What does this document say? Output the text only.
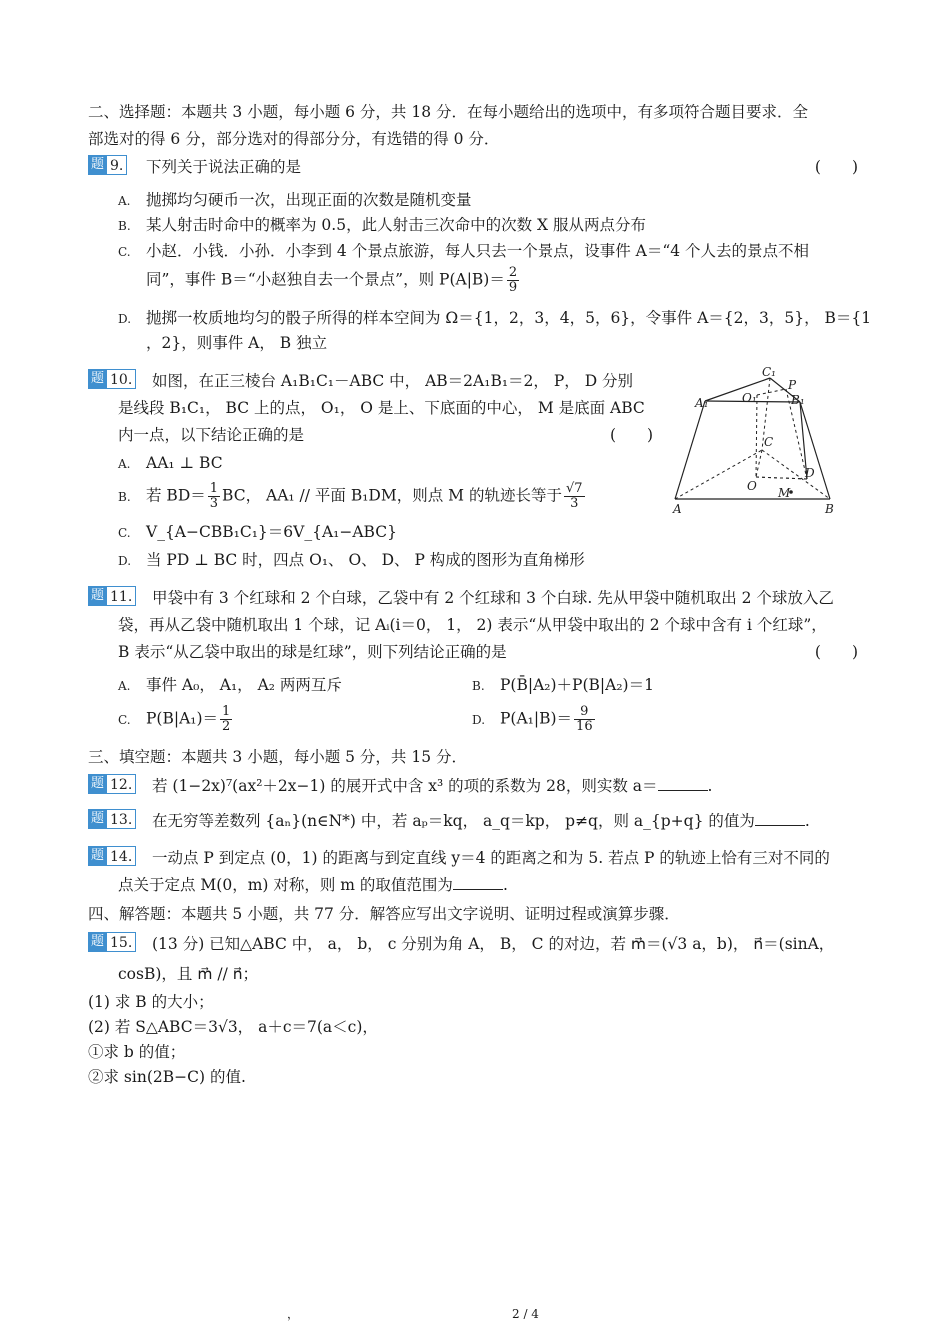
二、选择题：本题共 3 小题，每小题 6 分，共 18 分．在每小题给出的选项中，有多项符合题目要求．全
部选对的得 6 分，部分选对的得部分分，有选错的得 0 分．
题 9. 下列关于说法正确的是	(　　)
A. 抛掷均匀硬币一次，出现正面的次数是随机变量
B. 某人射击时命中的概率为 0.5，此人射击三次命中的次数 X 服从两点分布
C. 小赵．小钱．小孙．小李到 4 个景点旅游，每人只去一个景点，设事件 A＝“4 个人去的景点不相
同”，事件 B＝“小赵独自去一个景点”，则 $P(A|B)= \frac{2}{9}$
D. 抛掷一枚质地均匀的骰子所得的样本空间为 Ω＝{1，2，3，4，5，6}，令事件 A＝{2，3，5}， B＝{1
，2}，则事件 A， B 独立
题 10. 如图，在正三棱台 A₁B₁C₁－ABC 中， AB＝2A₁B₁＝2， P， D 分别
是线段 B₁C₁， BC 上的点， O₁， O 是上、下底面的中心， M 是底面 ABC
内一点，以下结论正确的是	(　　)
A. AA₁ ⊥ BC
B. 若 $BD= \frac{1}{3}$ BC， AA₁ // 平面 B₁DM，则点 M 的轨迹长等于 $\frac{√7}{3}$
C. V_{A−CBB₁C₁}＝6V_{A₁−ABC}
D. 当 PD ⊥ BC 时，四点 O₁、 O、 D、 P 构成的图形为直角梯形
C₁
P
A₁	O₁	B₁
C
D
O M
A	B
题 11. 甲袋中有 3 个红球和 2 个白球，乙袋中有 2 个红球和 3 个白球. 先从甲袋中随机取出 2 个球放入乙
袋，再从乙袋中随机取出 1 个球，记 Aᵢ(i＝0， 1， 2) 表示“从甲袋中取出的 2 个球中含有 i 个红球”，
B 表示“从乙袋中取出的球是红球”，则下列结论正确的是	(　　)
A. 事件 A₀， A₁， A₂ 两两互斥	B. P(B̄|A₂)＋P(B|A₂)＝1
C. $P(B|A_1)= \frac{1}{2}$	D. $P(A_1|B)= \frac{9}{16}$
三、填空题：本题共 3 小题，每小题 5 分，共 15 分．
题 12. 若 (1−2x)⁷(ax²＋2x−1) 的展开式中含 x³ 的项的系数为 28，则实数 a＝	.
题 13. 在无穷等差数列 {aₙ}(n∈N*) 中，若 aₚ＝kq， a_q＝kp， p≠q，则 a_{p+q} 的值为	.
题 14. 一动点 P 到定点 (0，1) 的距离与到定直线 y＝4 的距离之和为 5. 若点 P 的轨迹上恰有三对不同的
点关于定点 M(0，m) 对称，则 m 的取值范围为	.
四、解答题：本题共 5 小题，共 77 分．解答应写出文字说明、证明过程或演算步骤．
题 15. (13 分) 已知△ABC 中， a， b， c 分别为角 A， B， C 的对边，若 m⃗＝(√3 a，b)， n⃗＝(sinA，
cosB)，且 m⃗ // n⃗；
(1) 求 B 的大小；
(2) 若 S△ABC＝3√3， a＋c＝7(a＜c)，
①求 b 的值；
②求 sin(2B−C) 的值.
，	2 / 4
